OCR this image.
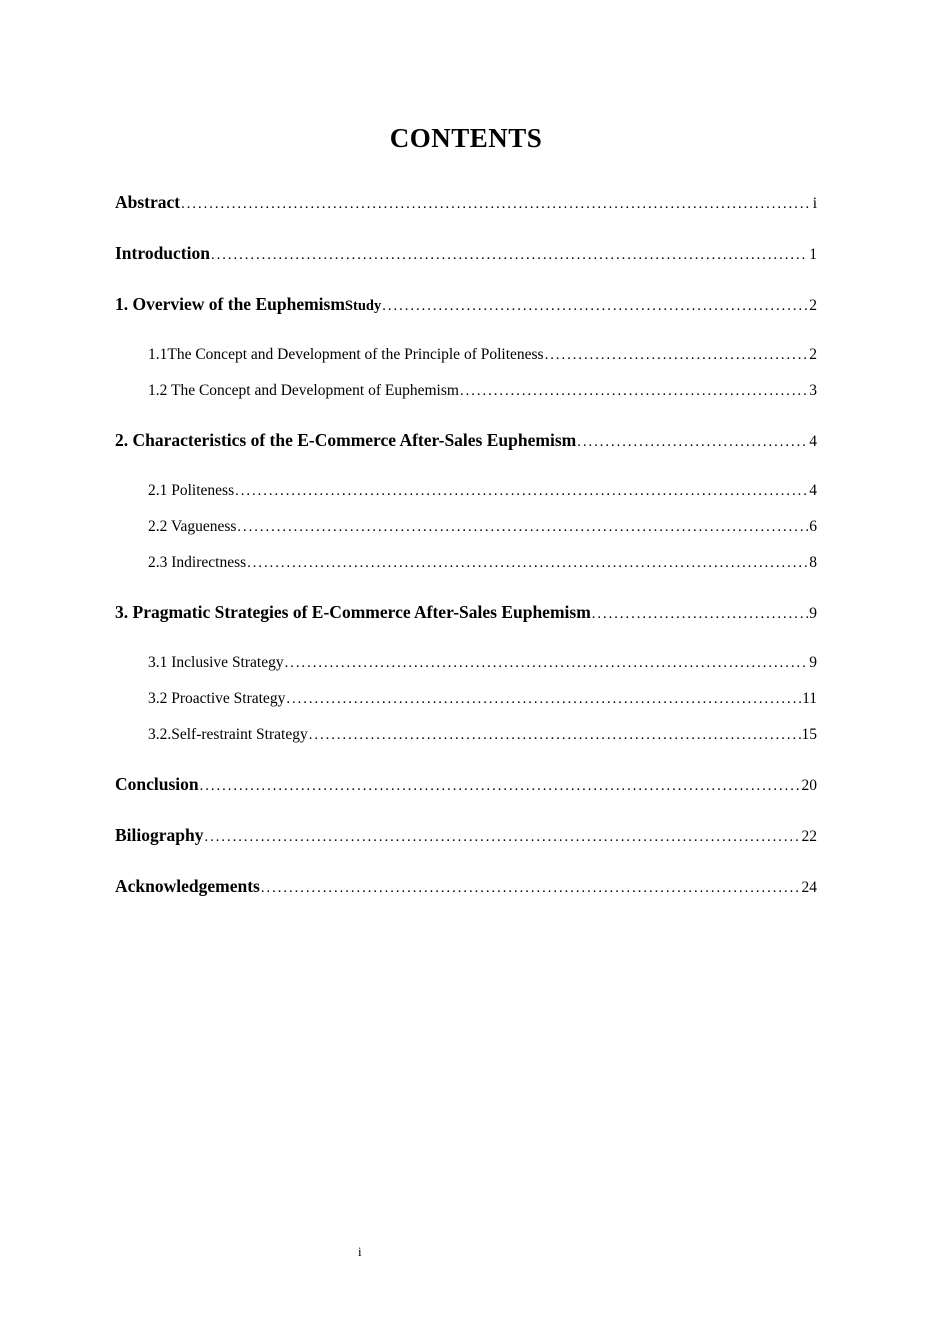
CONTENTS
Abstract .....	i
Introduction .....	1
1. Overview of the Euphemism Study .....	2
1.1The Concept and Development of the Principle of Politeness .....	2
1.2 The Concept and Development of Euphemism .....	3
2. Characteristics of the E-Commerce After-Sales Euphemism .....	4
2.1 Politeness .....	4
2.2 Vagueness .....	6
2.3 Indirectness .....	8
3. Pragmatic Strategies of E-Commerce After-Sales Euphemism .....	9
3.1 Inclusive Strategy .....	9
3.2 Proactive Strategy .....	11
3.2.Self-restraint Strategy .....	15
Conclusion .....	20
Biliography .....	22
Acknowledgements .....	24
i
